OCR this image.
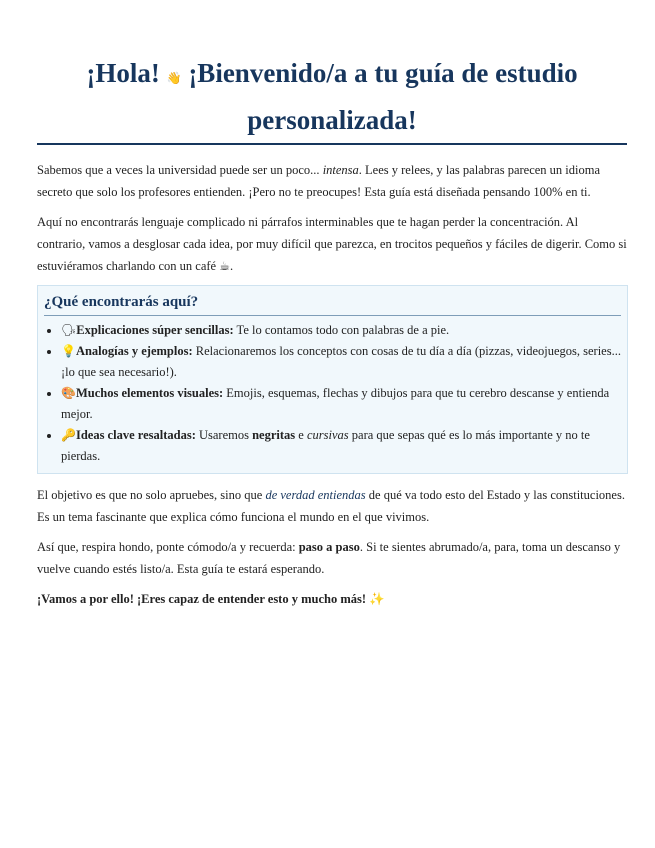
¡Hola! 👋 ¡Bienvenido/a a tu guía de estudio personalizada!

Sabemos que a veces la universidad puede ser un poco... intensa. Lees y relees, y las palabras parecen un idioma secreto que solo los profesores entienden. ¡Pero no te preocupes! Esta guía está diseñada pensando 100% en ti.

Aquí no encontrarás lenguaje complicado ni párrafos interminables que te hagan perder la concentración. Al contrario, vamos a desglosar cada idea, por muy difícil que parezca, en trocitos pequeños y fáciles de digerir. Como si estuviéramos charlando con un café ☕.

¿Qué encontrarás aquí?
• 🗣Explicaciones súper sencillas: Te lo contamos todo con palabras de a pie.
• 💡Analogías y ejemplos: Relacionaremos los conceptos con cosas de tu día a día (pizzas, videojuegos, series... ¡lo que sea necesario!).
• 🎨Muchos elementos visuales: Emojis, esquemas, flechas y dibujos para que tu cerebro descanse y entienda mejor.
• 🔑Ideas clave resaltadas: Usaremos negritas e cursivas para que sepas qué es lo más importante y no te pierdas.

El objetivo es que no solo apruebes, sino que de verdad entiendas de qué va todo esto del Estado y las constituciones. Es un tema fascinante que explica cómo funciona el mundo en el que vivimos.

Así que, respira hondo, ponte cómodo/a y recuerda: paso a paso. Si te sientes abrumado/a, para, toma un descanso y vuelve cuando estés listo/a. Esta guía te estará esperando.

¡Vamos a por ello! ¡Eres capaz de entender esto y mucho más! ✨
